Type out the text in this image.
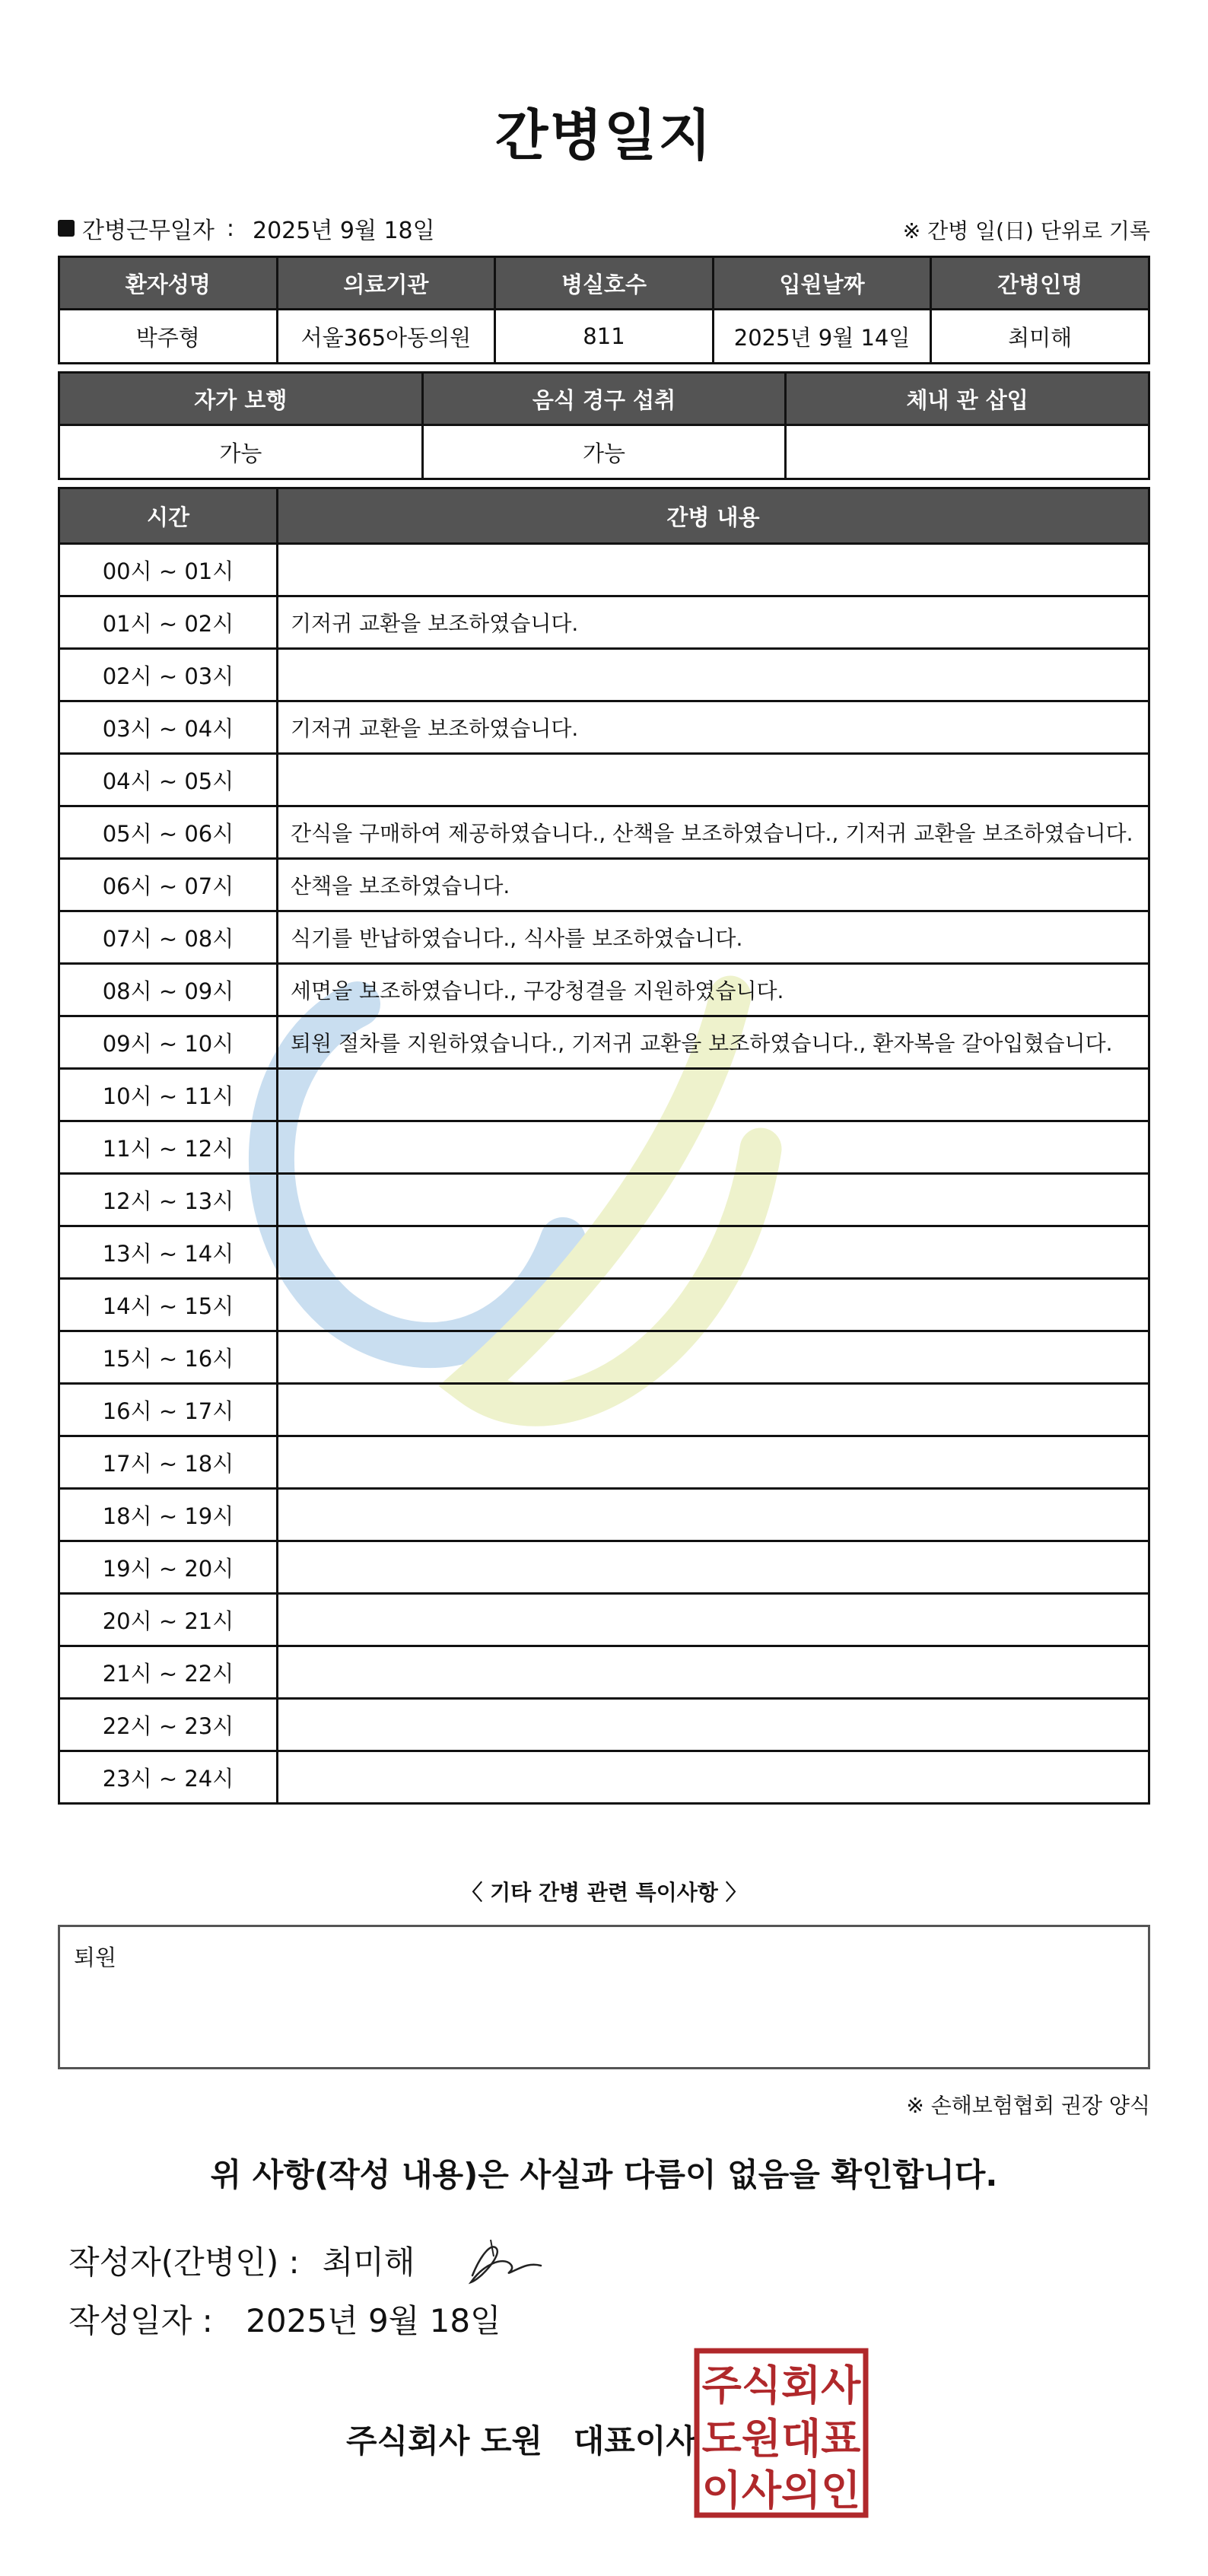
간병일지
간병근무일자 : 2025년 9월 18일	※ 간병 일(日) 단위로 기록
환자성명	의료기관	병실호수	입원날짜	간병인명
박주형	서울365아동의원	811	2025년 9월 14일	최미해
자가 보행	음식 경구 섭취	체내 관 삽입
가능	가능	
시간	간병 내용
00시 ~ 01시	
01시 ~ 02시	기저귀 교환을 보조하였습니다.
02시 ~ 03시	
03시 ~ 04시	기저귀 교환을 보조하였습니다.
04시 ~ 05시	
05시 ~ 06시	간식을 구매하여 제공하였습니다., 산책을 보조하였습니다., 기저귀 교환을 보조하였습니다.
06시 ~ 07시	산책을 보조하였습니다.
07시 ~ 08시	식기를 반납하였습니다., 식사를 보조하였습니다.
08시 ~ 09시	세면을 보조하였습니다., 구강청결을 지원하였습니다.
09시 ~ 10시	퇴원 절차를 지원하였습니다., 기저귀 교환을 보조하였습니다., 환자복을 갈아입혔습니다.
10시 ~ 11시	
11시 ~ 12시	
12시 ~ 13시	
13시 ~ 14시	
14시 ~ 15시	
15시 ~ 16시	
16시 ~ 17시	
17시 ~ 18시	
18시 ~ 19시	
19시 ~ 20시	
20시 ~ 21시	
21시 ~ 22시	
22시 ~ 23시	
23시 ~ 24시	
〈 기타 간병 관련 특이사항 〉
퇴원
※ 손해보험협회 권장 양식
위 사항(작성 내용)은 사실과 다름이 없음을 확인합니다.
작성자(간병인) : 최미해
작성일자 : 2025년 9월 18일
주식회사 도원 대표이사
주식회사
도원대표
이사의인
